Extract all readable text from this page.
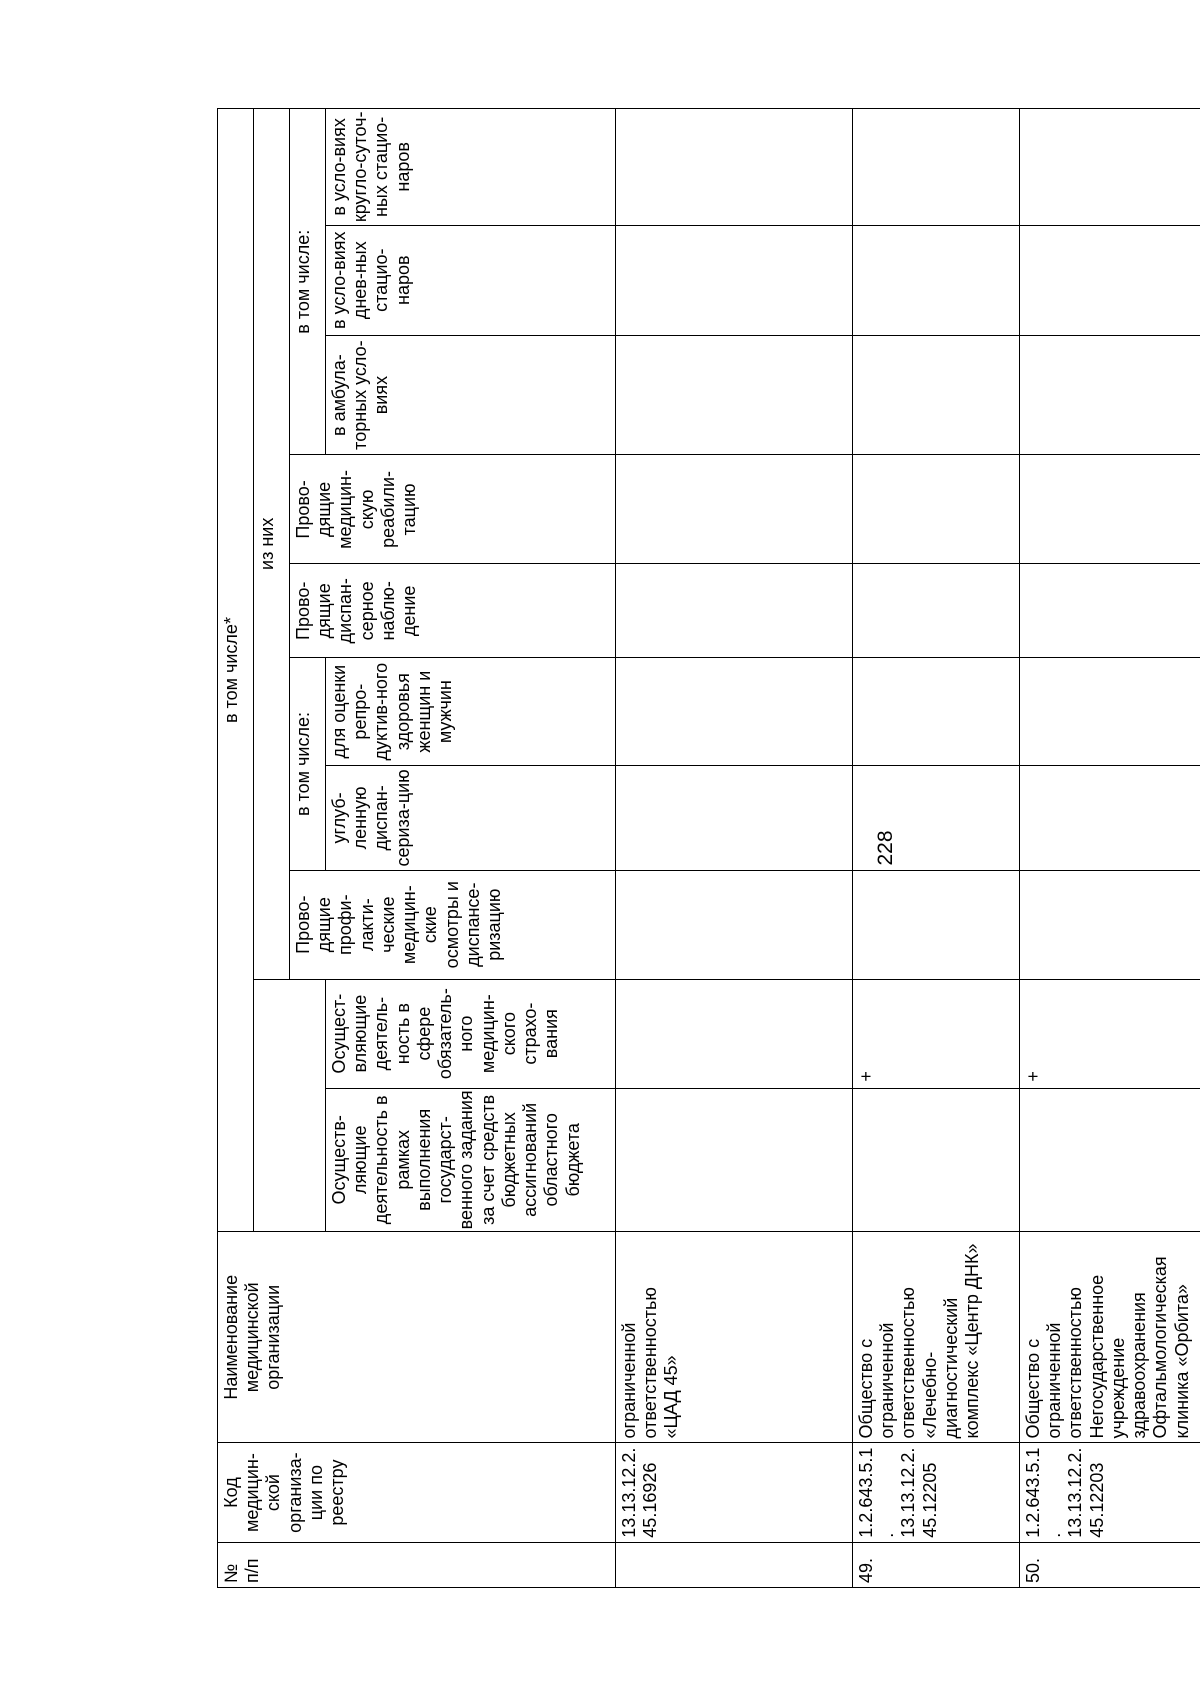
228
№ п/п	Код медицин-ской организа-ции по реестру	Наименование медицинской организации	в том числе*									
					из них							
					Прово-дящие профи-лакти-ческие медицин-ские осмотры и диспансе-ризацию	в том числе:		Прово-дящие диспан-серное наблю-дение	Прово-дящие медицин-скую реабили-тацию	в том числе:		
			Осуществ-ляющие деятельность в рамках выполнения государст-венного задания за счет средств бюджетных ассигнований областного бюджета	Осущест-вляющие деятель-ность в сфере обязатель-ного медицин-ского страхо-вания		углуб-ленную диспан-сериза-цию	для оценки репро-дуктив-ного здоровья женщин и мужчин			в амбула-торных усло-виях	в усло-виях днев-ных стацио-наров	в усло-виях кругло-суточ-ных стацио-наров
	13.13.12.2. 45.16926	ограниченной ответственностью «ЦАД 45»										
49.	1.2.643.5.1. 13.13.12.2. 45.12205	Общество с ограниченной ответственностью «Лечебно-диагностический комплекс «Центр ДНК»		+								
50.	1.2.643.5.1. 13.13.12.2. 45.12203	Общество с ограниченной ответственностью Негосударственное учреждение здравоохранения Офтальмологическая клиника «Орбита»		+								
